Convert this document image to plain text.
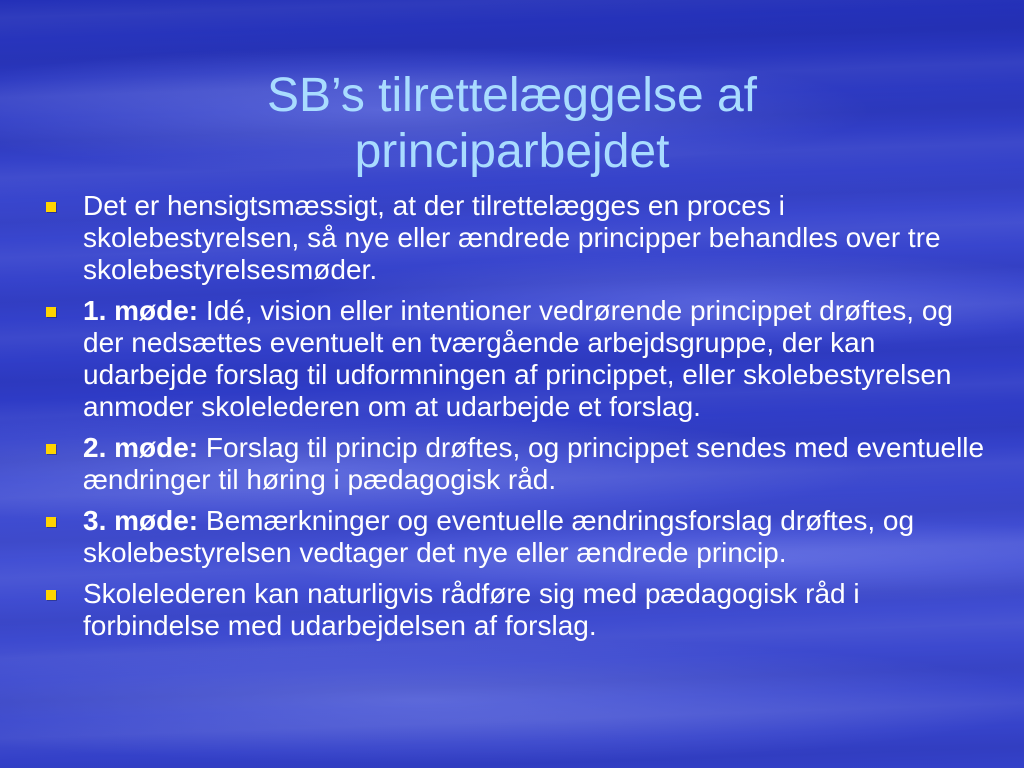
SB’s tilrettelæggelse af
principarbejdet
Det er hensigtsmæssigt, at der tilrettelægges en proces i skolebestyrelsen, så nye eller ændrede principper behandles over tre skolebestyrelsesmøder.
1. møde: Idé, vision eller intentioner vedrørende princippet drøftes, og der nedsættes eventuelt en tværgående arbejdsgruppe, der kan udarbejde forslag til udformningen af princippet, eller skolebestyrelsen anmoder skolelederen om at udarbejde et forslag.
2. møde: Forslag til princip drøftes, og princippet sendes med eventuelle ændringer til høring i pædagogisk råd.
3. møde: Bemærkninger og eventuelle ændringsforslag drøftes, og skolebestyrelsen vedtager det nye eller ændrede princip.
Skolelederen kan naturligvis rådføre sig med pædagogisk råd i forbindelse med udarbejdelsen af forslag.
